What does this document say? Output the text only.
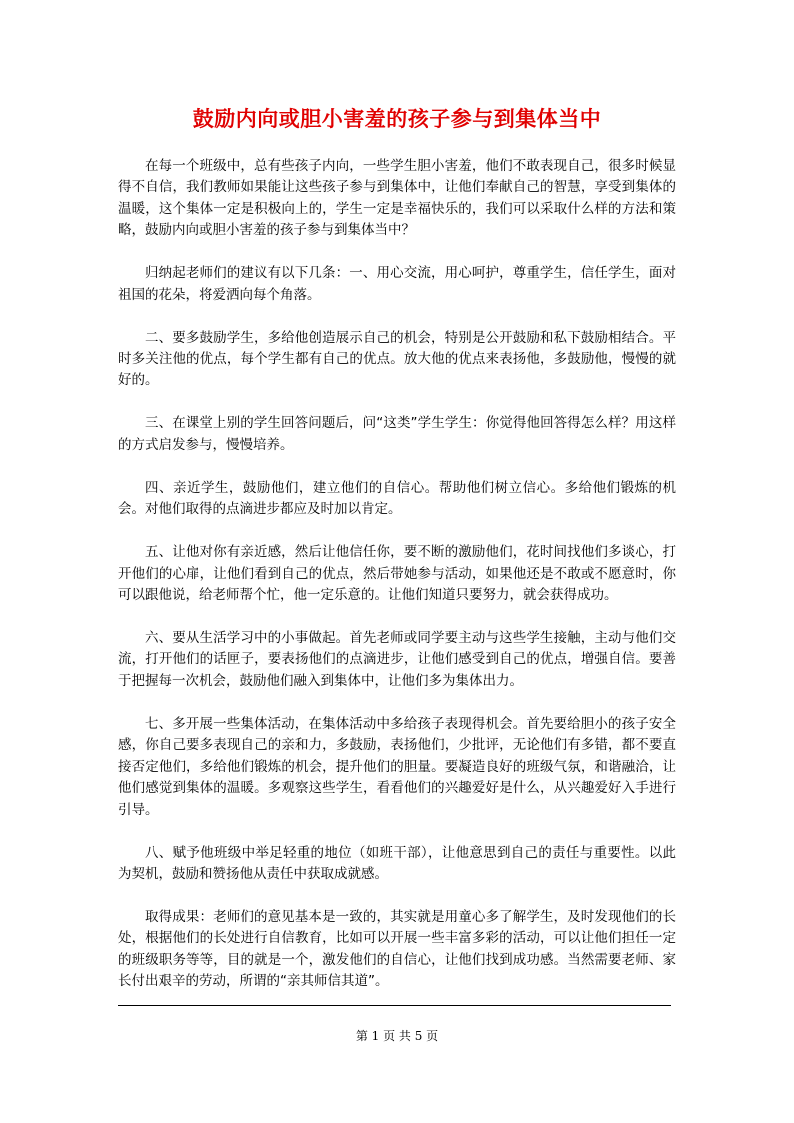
鼓励内向或胆小害羞的孩子参与到集体当中

在每一个班级中，总有些孩子内向，一些学生胆小害羞，他们不敢表现自己，很多时候显得不自信，我们教师如果能让这些孩子参与到集体中，让他们奉献自己的智慧，享受到集体的温暖，这个集体一定是积极向上的，学生一定是幸福快乐的，我们可以采取什么样的方法和策略，鼓励内向或胆小害羞的孩子参与到集体当中？

归纳起老师们的建议有以下几条：一、用心交流，用心呵护，尊重学生，信任学生，面对祖国的花朵，将爱洒向每个角落。

二、要多鼓励学生，多给他创造展示自己的机会，特别是公开鼓励和私下鼓励相结合。平时多关注他的优点，每个学生都有自己的优点。放大他的优点来表扬他，多鼓励他，慢慢的就好的。

三、在课堂上别的学生回答问题后，问“这类”学生学生：你觉得他回答得怎么样？用这样的方式启发参与，慢慢培养。

四、亲近学生，鼓励他们，建立他们的自信心。帮助他们树立信心。多给他们锻炼的机会。对他们取得的点滴进步都应及时加以肯定。

五、让他对你有亲近感，然后让他信任你，要不断的激励他们，花时间找他们多谈心，打开他们的心扉，让他们看到自己的优点，然后带她参与活动，如果他还是不敢或不愿意时，你可以跟他说，给老师帮个忙，他一定乐意的。让他们知道只要努力，就会获得成功。

六、要从生活学习中的小事做起。首先老师或同学要主动与这些学生接触，主动与他们交流，打开他们的话匣子，要表扬他们的点滴进步，让他们感受到自己的优点，增强自信。要善于把握每一次机会，鼓励他们融入到集体中，让他们多为集体出力。

七、多开展一些集体活动，在集体活动中多给孩子表现得机会。首先要给胆小的孩子安全感，你自己要多表现自己的亲和力，多鼓励，表扬他们，少批评，无论他们有多错，都不要直接否定他们，多给他们锻炼的机会，提升他们的胆量。要凝造良好的班级气氛，和谐融洽，让他们感觉到集体的温暖。多观察这些学生，看看他们的兴趣爱好是什么，从兴趣爱好入手进行引导。

八、赋予他班级中举足轻重的地位（如班干部），让他意思到自己的责任与重要性。以此为契机，鼓励和赞扬他从责任中获取成就感。

取得成果：老师们的意见基本是一致的，其实就是用童心多了解学生，及时发现他们的长处，根据他们的长处进行自信教育，比如可以开展一些丰富多彩的活动，可以让他们担任一定的班级职务等等，目的就是一个，激发他们的自信心，让他们找到成功感。当然需要老师、家长付出艰辛的劳动，所谓的“亲其师信其道”。

第 1 页 共 5 页
